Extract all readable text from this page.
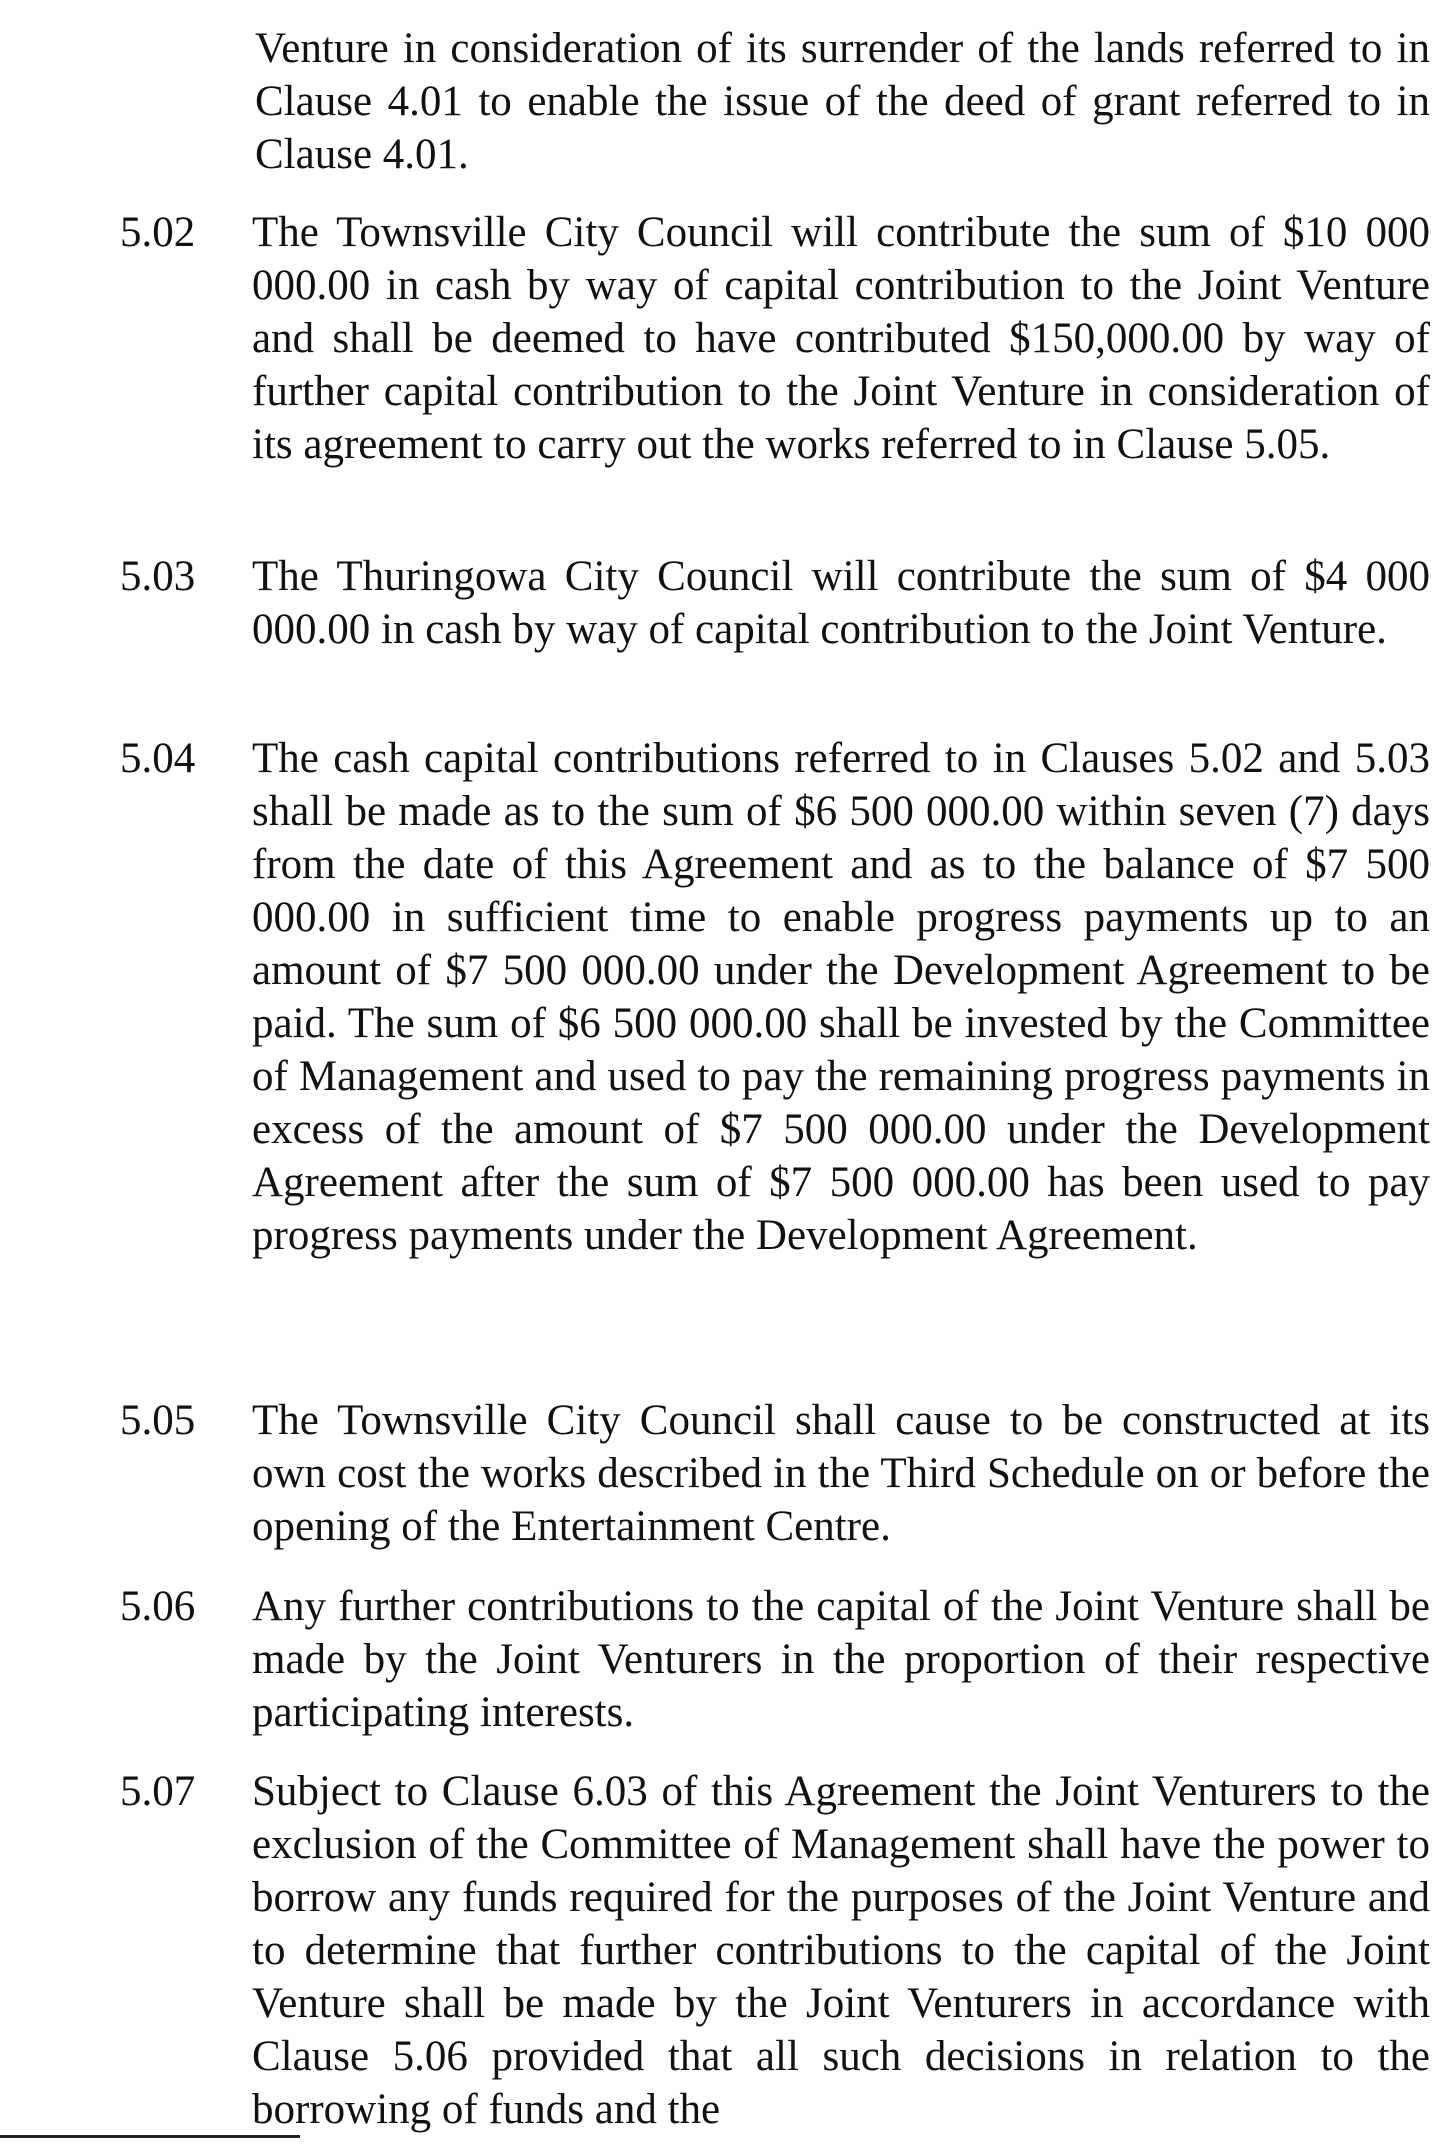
Venture in consideration of its surrender of the lands referred to in Clause 4.01 to enable the issue of the deed of grant referred to in Clause 4.01.
5.02 The Townsville City Council will contribute the sum of $10 000 000.00 in cash by way of capital contribution to the Joint Venture and shall be deemed to have contributed $150,000.00 by way of further capital contribution to the Joint Venture in consideration of its agreement to carry out the works referred to in Clause 5.05.
5.03 The Thuringowa City Council will contribute the sum of $4 000 000.00 in cash by way of capital contribution to the Joint Venture.
5.04 The cash capital contributions referred to in Clauses 5.02 and 5.03 shall be made as to the sum of $6 500 000.00 within seven (7) days from the date of this Agreement and as to the balance of $7 500 000.00 in sufficient time to enable progress payments up to an amount of $7 500 000.00 under the Development Agreement to be paid. The sum of $6 500 000.00 shall be invested by the Committee of Management and used to pay the remaining progress payments in excess of the amount of $7 500 000.00 under the Development Agreement after the sum of $7 500 000.00 has been used to pay progress payments under the Development Agreement.
5.05 The Townsville City Council shall cause to be constructed at its own cost the works described in the Third Schedule on or before the opening of the Entertainment Centre.
5.06 Any further contributions to the capital of the Joint Venture shall be made by the Joint Venturers in the proportion of their respective participating interests.
5.07 Subject to Clause 6.03 of this Agreement the Joint Venturers to the exclusion of the Committee of Management shall have the power to borrow any funds required for the purposes of the Joint Venture and to determine that further contributions to the capital of the Joint Venture shall be made by the Joint Venturers in accordance with Clause 5.06 provided that all such decisions in relation to the borrowing of funds and the
